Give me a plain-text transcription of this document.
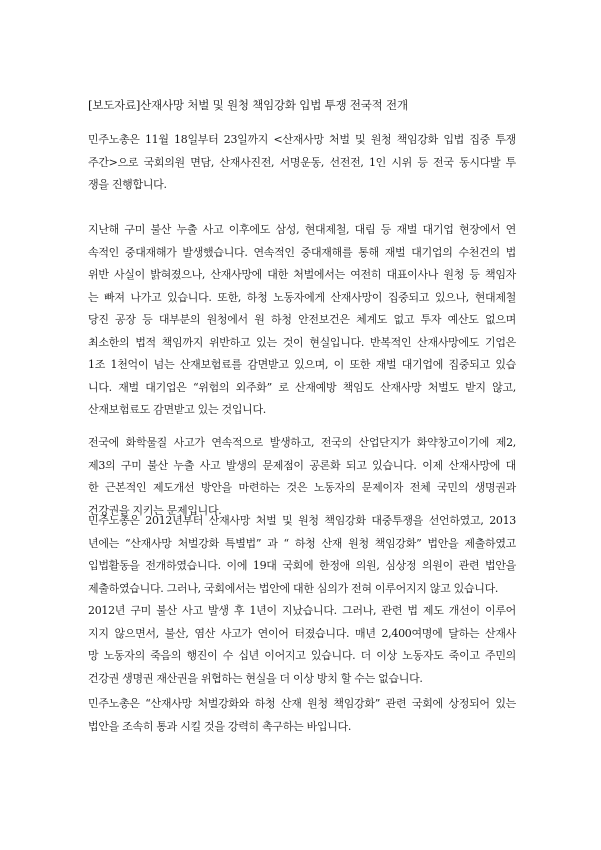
[보도자료]산재사망 처벌 및 원청 책임강화 입법 투쟁 전국적 전개
민주노총은 11월 18일부터 23일까지 <산재사망 처벌 및 원청 책임강화 입법 집중 투쟁
주간>으로 국회의원 면담, 산재사진전, 서명운동, 선전전, 1인 시위 등 전국 동시다발 투
쟁을 진행합니다.
지난해 구미 불산 누출 사고 이후에도 삼성, 현대제철, 대림 등 재벌 대기업 현장에서 연
속적인 중대재해가 발생했습니다. 연속적인 중대재해를 통해 재벌 대기업의 수천건의 법
위반 사실이 밝혀졌으나, 산재사망에 대한 처벌에서는 여전히 대표이사나 원청 등 책임자
는 빠져 나가고 있습니다. 또한, 하청 노동자에게 산재사망이 집중되고 있으나, 현대제철
당진 공장 등 대부분의 원청에서 원 하청 안전보건은 체계도 없고 투자 예산도 없으며
최소한의 법적 책임까지 위반하고 있는 것이 현실입니다. 반복적인 산재사망에도 기업은
1조 1천억이 넘는 산재보험료를 감면받고 있으며, 이 또한 재벌 대기업에 집중되고 있습
니다. 재벌 대기업은 “위험의 외주화” 로 산재예방 책임도 산재사망 처벌도 받지 않고,
산재보험료도 감면받고 있는 것입니다.
전국에 화학물질 사고가 연속적으로 발생하고, 전국의 산업단지가 화약창고이기에 제2,
제3의 구미 불산 누출 사고 발생의 문제점이 공론화 되고 있습니다. 이제 산재사망에 대
한 근본적인 제도개선 방안을 마련하는 것은 노동자의 문제이자 전체 국민의 생명권과
건강권을 지키는 문제입니다.
민주노총은 2012년부터 산재사망 처벌 및 원청 책임강화 대중투쟁을 선언하였고, 2013
년에는 “산재사망 처벌강화 특별법” 과 “ 하청 산재 원청 책임강화” 법안을 제출하였고
입법활동을 전개하였습니다. 이에 19대 국회에 한정애 의원, 심상정 의원이 관련 법안을
제출하였습니다. 그러나, 국회에서는 법안에 대한 심의가 전혀 이루어지지 않고 있습니다.
2012년 구미 불산 사고 발생 후 1년이 지났습니다. 그러나, 관련 법 제도 개선이 이루어
지지 않으면서, 불산, 염산 사고가 연이어 터졌습니다. 매년 2,400여명에 달하는 산재사
망 노동자의 죽음의 행진이 수 십년 이어지고 있습니다. 더 이상 노동자도 죽이고 주민의
건강권 생명권 재산권을 위협하는 현실을 더 이상 방치 할 수는 없습니다.
민주노총은 “산재사망 처벌강화와 하청 산재 원청 책임강화” 관련 국회에 상정되어 있는
법안을 조속히 통과 시킬 것을 강력히 촉구하는 바입니다.
